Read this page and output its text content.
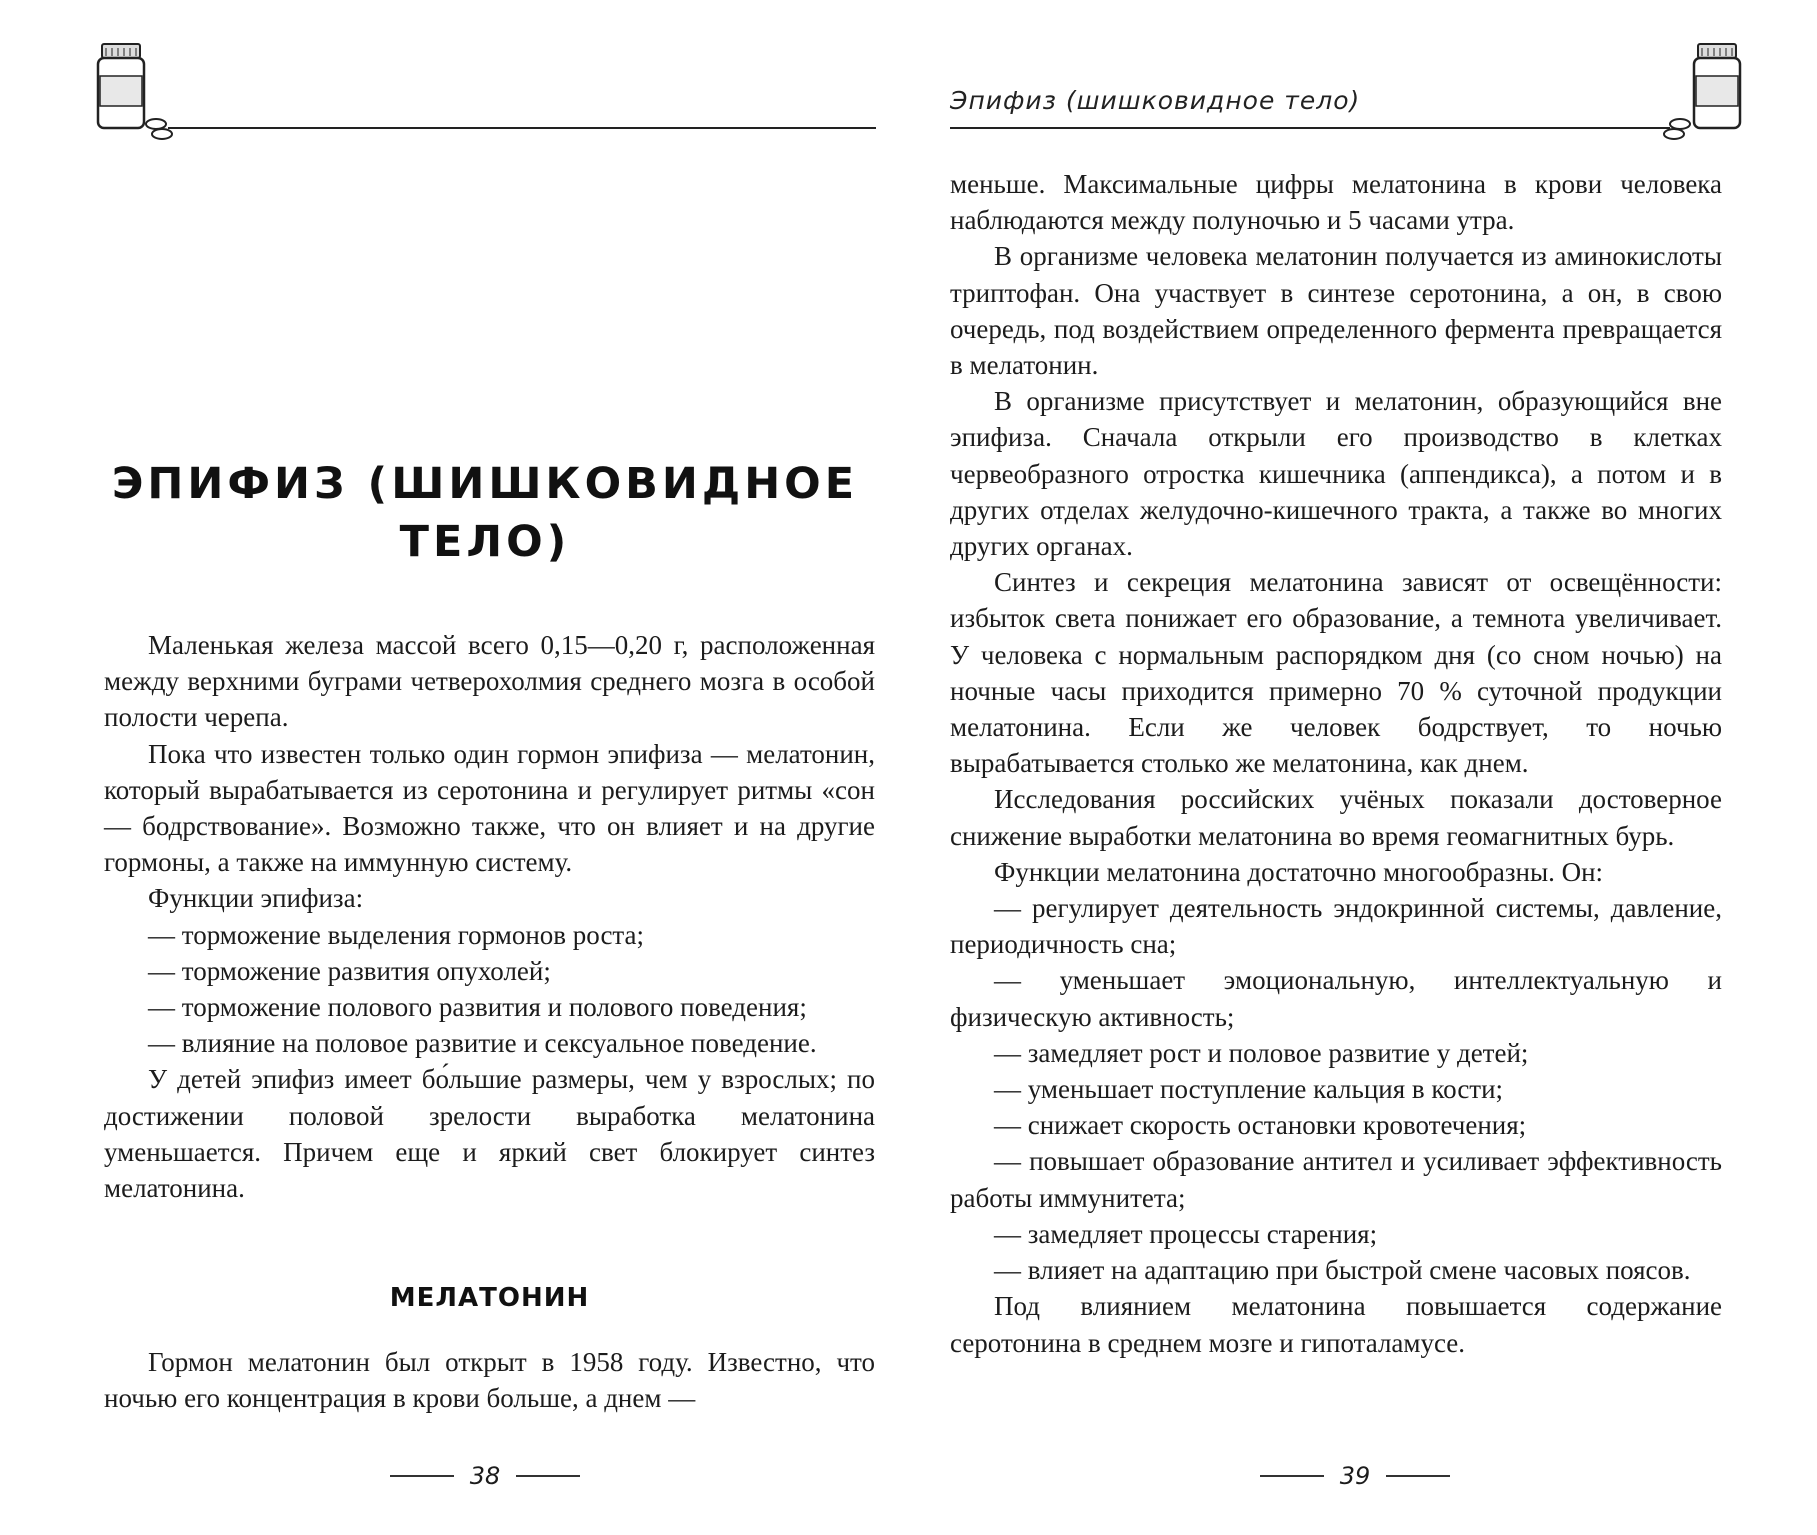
ЭПИФИЗ (ШИШКОВИДНОЕ ТЕЛО)

Маленькая железа массой всего 0,15—0,20 г, расположенная между верхними буграми четверохолмия среднего мозга в особой полости черепа.

Пока что известен только один гормон эпифиза — мелатонин, который вырабатывается из серотонина и регулирует ритмы «сон — бодрствование». Возможно также, что он влияет и на другие гормоны, а также на иммунную систему.

Функции эпифиза:

— торможение выделения гормонов роста;

— торможение развития опухолей;

— торможение полового развития и полового поведения;

— влияние на половое развитие и сексуальное поведение.

У детей эпифиз имеет бо́льшие размеры, чем у взрослых; по достижении половой зрелости выработка мелатонина уменьшается. Причем еще и яркий свет блокирует синтез мелатонина.

МЕЛАТОНИН

Гормон мелатонин был открыт в 1958 году. Известно, что ночью его концентрация в крови больше, а днем —

38
Эпифиз (шишковидное тело)

меньше. Максимальные цифры мелатонина в крови человека наблюдаются между полуночью и 5 часами утра.

В организме человека мелатонин получается из аминокислоты триптофан. Она участвует в синтезе серотонина, а он, в свою очередь, под воздействием определенного фермента превращается в мелатонин.

В организме присутствует и мелатонин, образующийся вне эпифиза. Сначала открыли его производство в клетках червеобразного отростка кишечника (аппендикса), а потом и в других отделах желудочно-кишечного тракта, а также во многих других органах.

Синтез и секреция мелатонина зависят от освещённости: избыток света понижает его образование, а темнота увеличивает. У человека с нормальным распорядком дня (со сном ночью) на ночные часы приходится примерно 70 % суточной продукции мелатонина. Если же человек бодрствует, то ночью вырабатывается столько же мелатонина, как днем.

Исследования российских учёных показали достоверное снижение выработки мелатонина во время геомагнитных бурь.

Функции мелатонина достаточно многообразны. Он:

— регулирует деятельность эндокринной системы, давление, периодичность сна;

— уменьшает эмоциональную, интеллектуальную и физическую активность;

— замедляет рост и половое развитие у детей;

— уменьшает поступление кальция в кости;

— снижает скорость остановки кровотечения;

— повышает образование антител и усиливает эффективность работы иммунитета;

— замедляет процессы старения;

— влияет на адаптацию при быстрой смене часовых поясов.

Под влиянием мелатонина повышается содержание серотонина в среднем мозге и гипоталамусе.

39
